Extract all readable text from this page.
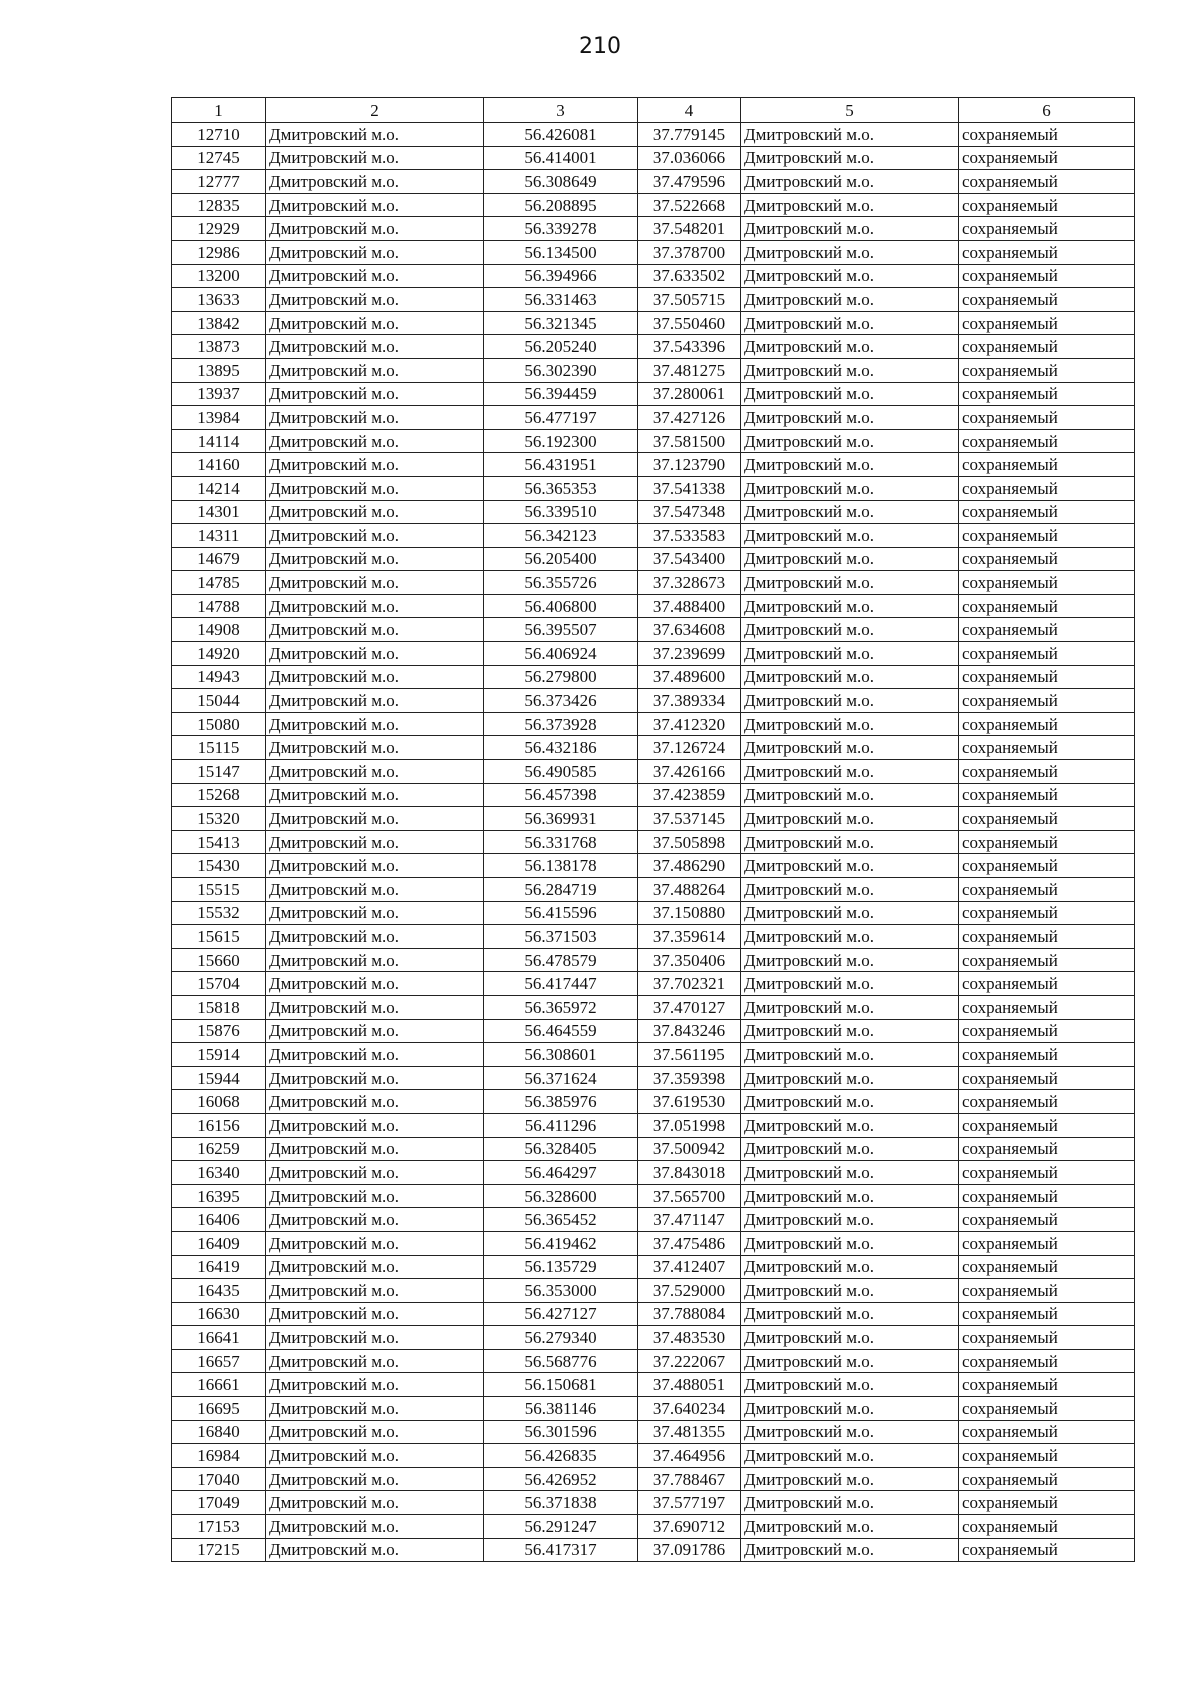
210
1	2	3	4	5	6
12710	Дмитровский м.о.	56.426081	37.779145	Дмитровский м.о.	сохраняемый
12745	Дмитровский м.о.	56.414001	37.036066	Дмитровский м.о.	сохраняемый
12777	Дмитровский м.о.	56.308649	37.479596	Дмитровский м.о.	сохраняемый
12835	Дмитровский м.о.	56.208895	37.522668	Дмитровский м.о.	сохраняемый
12929	Дмитровский м.о.	56.339278	37.548201	Дмитровский м.о.	сохраняемый
12986	Дмитровский м.о.	56.134500	37.378700	Дмитровский м.о.	сохраняемый
13200	Дмитровский м.о.	56.394966	37.633502	Дмитровский м.о.	сохраняемый
13633	Дмитровский м.о.	56.331463	37.505715	Дмитровский м.о.	сохраняемый
13842	Дмитровский м.о.	56.321345	37.550460	Дмитровский м.о.	сохраняемый
13873	Дмитровский м.о.	56.205240	37.543396	Дмитровский м.о.	сохраняемый
13895	Дмитровский м.о.	56.302390	37.481275	Дмитровский м.о.	сохраняемый
13937	Дмитровский м.о.	56.394459	37.280061	Дмитровский м.о.	сохраняемый
13984	Дмитровский м.о.	56.477197	37.427126	Дмитровский м.о.	сохраняемый
14114	Дмитровский м.о.	56.192300	37.581500	Дмитровский м.о.	сохраняемый
14160	Дмитровский м.о.	56.431951	37.123790	Дмитровский м.о.	сохраняемый
14214	Дмитровский м.о.	56.365353	37.541338	Дмитровский м.о.	сохраняемый
14301	Дмитровский м.о.	56.339510	37.547348	Дмитровский м.о.	сохраняемый
14311	Дмитровский м.о.	56.342123	37.533583	Дмитровский м.о.	сохраняемый
14679	Дмитровский м.о.	56.205400	37.543400	Дмитровский м.о.	сохраняемый
14785	Дмитровский м.о.	56.355726	37.328673	Дмитровский м.о.	сохраняемый
14788	Дмитровский м.о.	56.406800	37.488400	Дмитровский м.о.	сохраняемый
14908	Дмитровский м.о.	56.395507	37.634608	Дмитровский м.о.	сохраняемый
14920	Дмитровский м.о.	56.406924	37.239699	Дмитровский м.о.	сохраняемый
14943	Дмитровский м.о.	56.279800	37.489600	Дмитровский м.о.	сохраняемый
15044	Дмитровский м.о.	56.373426	37.389334	Дмитровский м.о.	сохраняемый
15080	Дмитровский м.о.	56.373928	37.412320	Дмитровский м.о.	сохраняемый
15115	Дмитровский м.о.	56.432186	37.126724	Дмитровский м.о.	сохраняемый
15147	Дмитровский м.о.	56.490585	37.426166	Дмитровский м.о.	сохраняемый
15268	Дмитровский м.о.	56.457398	37.423859	Дмитровский м.о.	сохраняемый
15320	Дмитровский м.о.	56.369931	37.537145	Дмитровский м.о.	сохраняемый
15413	Дмитровский м.о.	56.331768	37.505898	Дмитровский м.о.	сохраняемый
15430	Дмитровский м.о.	56.138178	37.486290	Дмитровский м.о.	сохраняемый
15515	Дмитровский м.о.	56.284719	37.488264	Дмитровский м.о.	сохраняемый
15532	Дмитровский м.о.	56.415596	37.150880	Дмитровский м.о.	сохраняемый
15615	Дмитровский м.о.	56.371503	37.359614	Дмитровский м.о.	сохраняемый
15660	Дмитровский м.о.	56.478579	37.350406	Дмитровский м.о.	сохраняемый
15704	Дмитровский м.о.	56.417447	37.702321	Дмитровский м.о.	сохраняемый
15818	Дмитровский м.о.	56.365972	37.470127	Дмитровский м.о.	сохраняемый
15876	Дмитровский м.о.	56.464559	37.843246	Дмитровский м.о.	сохраняемый
15914	Дмитровский м.о.	56.308601	37.561195	Дмитровский м.о.	сохраняемый
15944	Дмитровский м.о.	56.371624	37.359398	Дмитровский м.о.	сохраняемый
16068	Дмитровский м.о.	56.385976	37.619530	Дмитровский м.о.	сохраняемый
16156	Дмитровский м.о.	56.411296	37.051998	Дмитровский м.о.	сохраняемый
16259	Дмитровский м.о.	56.328405	37.500942	Дмитровский м.о.	сохраняемый
16340	Дмитровский м.о.	56.464297	37.843018	Дмитровский м.о.	сохраняемый
16395	Дмитровский м.о.	56.328600	37.565700	Дмитровский м.о.	сохраняемый
16406	Дмитровский м.о.	56.365452	37.471147	Дмитровский м.о.	сохраняемый
16409	Дмитровский м.о.	56.419462	37.475486	Дмитровский м.о.	сохраняемый
16419	Дмитровский м.о.	56.135729	37.412407	Дмитровский м.о.	сохраняемый
16435	Дмитровский м.о.	56.353000	37.529000	Дмитровский м.о.	сохраняемый
16630	Дмитровский м.о.	56.427127	37.788084	Дмитровский м.о.	сохраняемый
16641	Дмитровский м.о.	56.279340	37.483530	Дмитровский м.о.	сохраняемый
16657	Дмитровский м.о.	56.568776	37.222067	Дмитровский м.о.	сохраняемый
16661	Дмитровский м.о.	56.150681	37.488051	Дмитровский м.о.	сохраняемый
16695	Дмитровский м.о.	56.381146	37.640234	Дмитровский м.о.	сохраняемый
16840	Дмитровский м.о.	56.301596	37.481355	Дмитровский м.о.	сохраняемый
16984	Дмитровский м.о.	56.426835	37.464956	Дмитровский м.о.	сохраняемый
17040	Дмитровский м.о.	56.426952	37.788467	Дмитровский м.о.	сохраняемый
17049	Дмитровский м.о.	56.371838	37.577197	Дмитровский м.о.	сохраняемый
17153	Дмитровский м.о.	56.291247	37.690712	Дмитровский м.о.	сохраняемый
17215	Дмитровский м.о.	56.417317	37.091786	Дмитровский м.о.	сохраняемый
